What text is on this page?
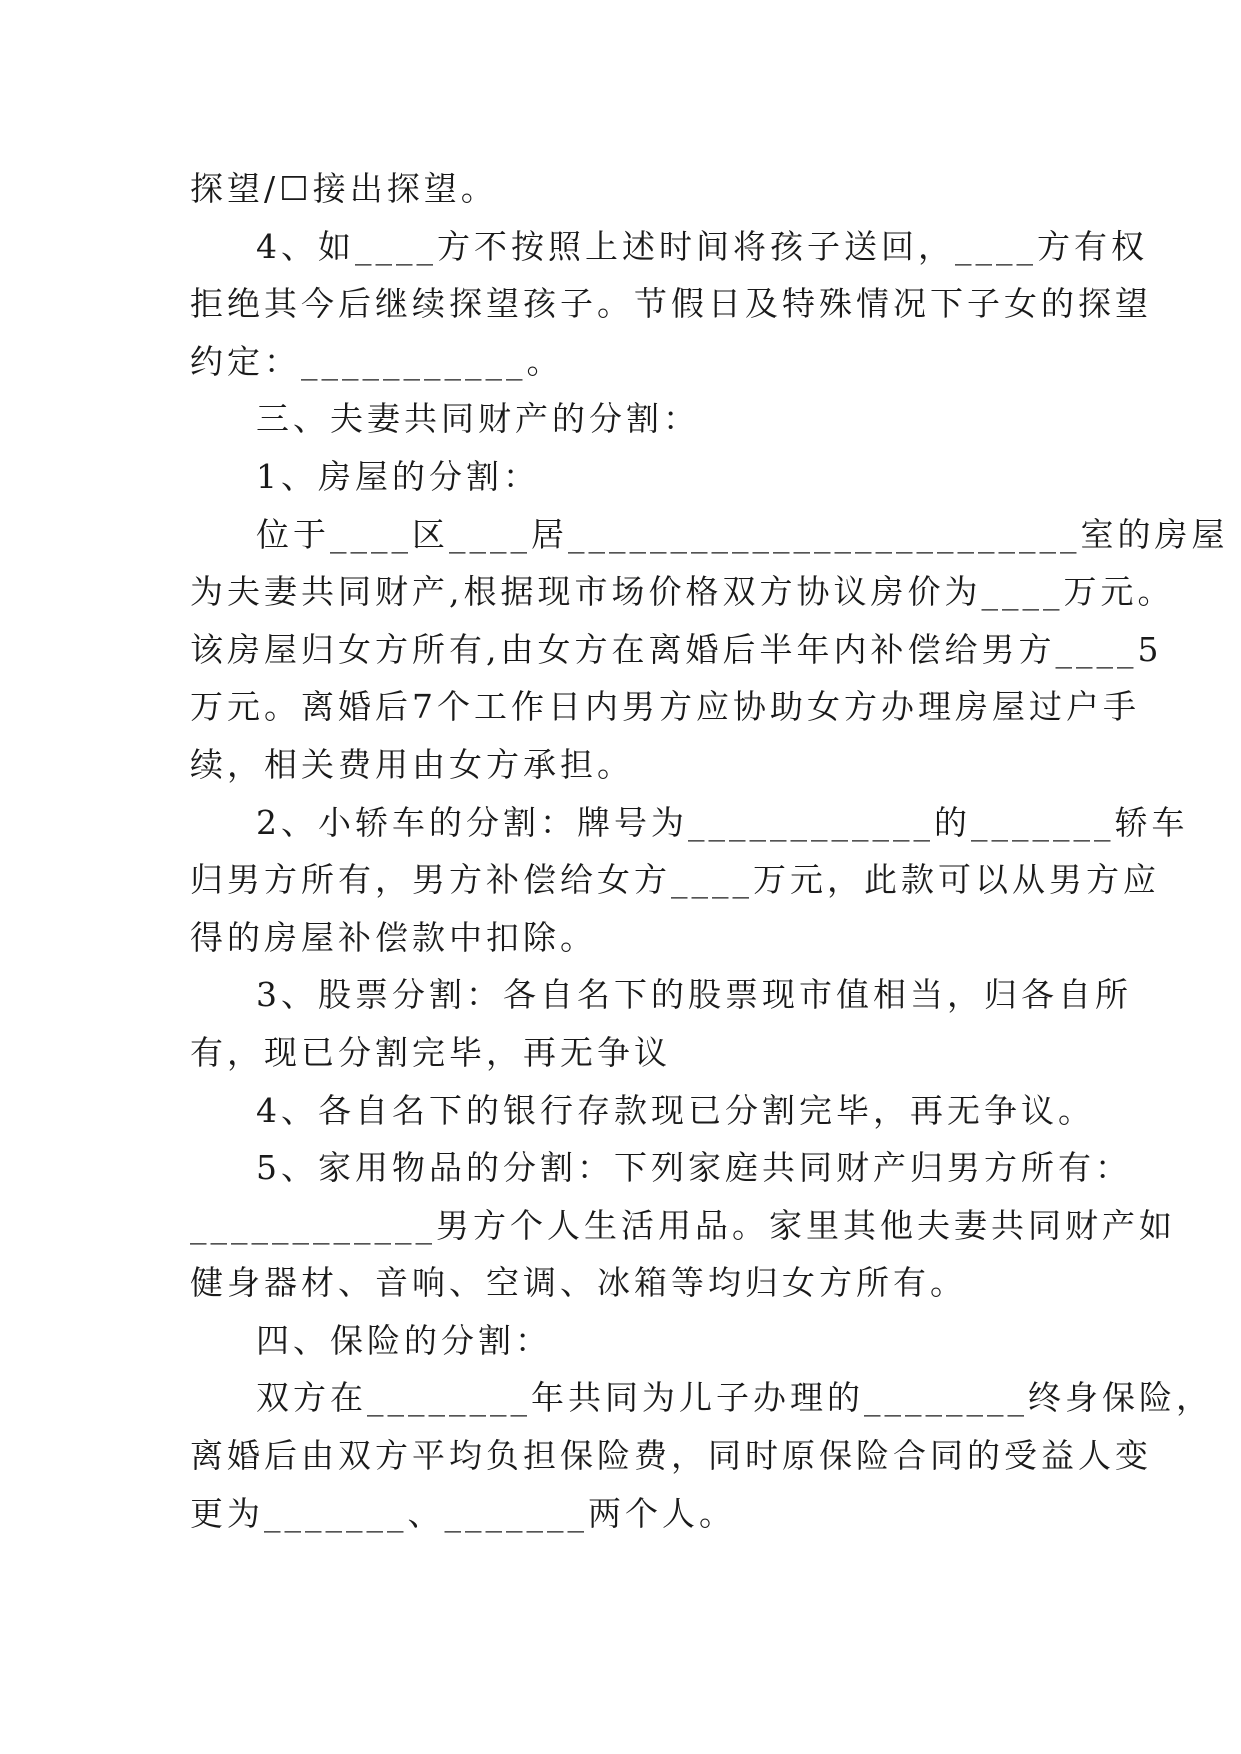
探望/☐接出探望。
4、如____方不按照上述时间将孩子送回，____方有权
拒绝其今后继续探望孩子。节假日及特殊情况下子女的探望
约定：___________。
三、夫妻共同财产的分割：
1、房屋的分割：
位于____区____居_________________________室的房屋
为夫妻共同财产,根据现市场价格双方协议房价为____万元。
该房屋归女方所有,由女方在离婚后半年内补偿给男方____5
万元。离婚后7个工作日内男方应协助女方办理房屋过户手
续，相关费用由女方承担。
2、小轿车的分割：牌号为____________的_______轿车
归男方所有，男方补偿给女方____万元，此款可以从男方应
得的房屋补偿款中扣除。
3、股票分割：各自名下的股票现市值相当，归各自所
有，现已分割完毕，再无争议
4、各自名下的银行存款现已分割完毕，再无争议。
5、家用物品的分割：下列家庭共同财产归男方所有：
____________男方个人生活用品。家里其他夫妻共同财产如
健身器材、音响、空调、冰箱等均归女方所有。
四、保险的分割：
双方在________年共同为儿子办理的________终身保险，
离婚后由双方平均负担保险费，同时原保险合同的受益人变
更为_______、_______两个人。
